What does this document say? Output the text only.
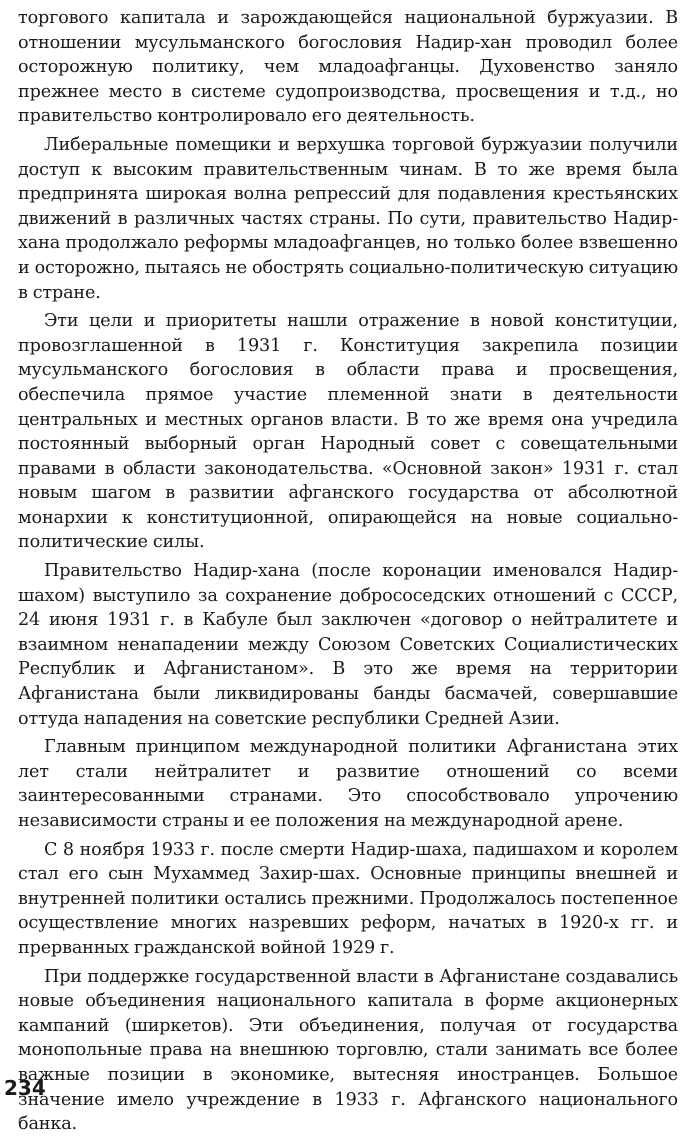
торгового капитала и зарождающейся национальной буржуазии. В отношении мусульманского богословия Надир-хан проводил более осторожную политику, чем младоафганцы. Духовенство заняло прежнее место в системе судопроизводства, просвещения и т.д., но правительство контролировало его деятельность.

Либеральные помещики и верхушка торговой буржуазии получили доступ к высоким правительственным чинам. В то же время была предпринята широкая волна репрессий для подавления крестьянских движений в различных частях страны. По сути, правительство Надир-хана продолжало реформы младоафганцев, но только более взвешенно и осторожно, пытаясь не обострять социально-политическую ситуацию в стране.

Эти цели и приоритеты нашли отражение в новой конституции, провозглашенной в 1931 г. Конституция закрепила позиции мусульманского богословия в области права и просвещения, обеспечила прямое участие племенной знати в деятельности центральных и местных органов власти. В то же время она учредила постоянный выборный орган Народный совет с совещательными правами в области законодательства. «Основной закон» 1931 г. стал новым шагом в развитии афганского государства от абсолютной монархии к конституционной, опирающейся на новые социально-политические силы.

Правительство Надир-хана (после коронации именовался Надир-шахом) выступило за сохранение добрососедских отношений с СССР, 24 июня 1931 г. в Кабуле был заключен «договор о нейтралитете и взаимном ненападении между Союзом Советских Социалистических Республик и Афганистаном». В это же время на территории Афганистана были ликвидированы банды басмачей, совершавшие оттуда нападения на советские республики Средней Азии.

Главным принципом международной политики Афганистана этих лет стали нейтралитет и развитие отношений со всеми заинтересованными странами. Это способствовало упрочению независимости страны и ее положения на международной арене.

С 8 ноября 1933 г. после смерти Надир-шаха, падишахом и королем стал его сын Мухаммед Захир-шах. Основные принципы внешней и внутренней политики остались прежними. Продолжалось постепенное осуществление многих назревших реформ, начатых в 1920-х гг. и прерванных гражданской войной 1929 г.

При поддержке государственной власти в Афганистане создавались новые объединения национального капитала в форме акционерных кампаний (ширкетов). Эти объединения, получая от государства монопольные права на внешнюю торговлю, стали занимать все более важные позиции в экономике, вытесняя иностранцев. Большое значение имело учреждение в 1933 г. Афганского национального банка.

234
